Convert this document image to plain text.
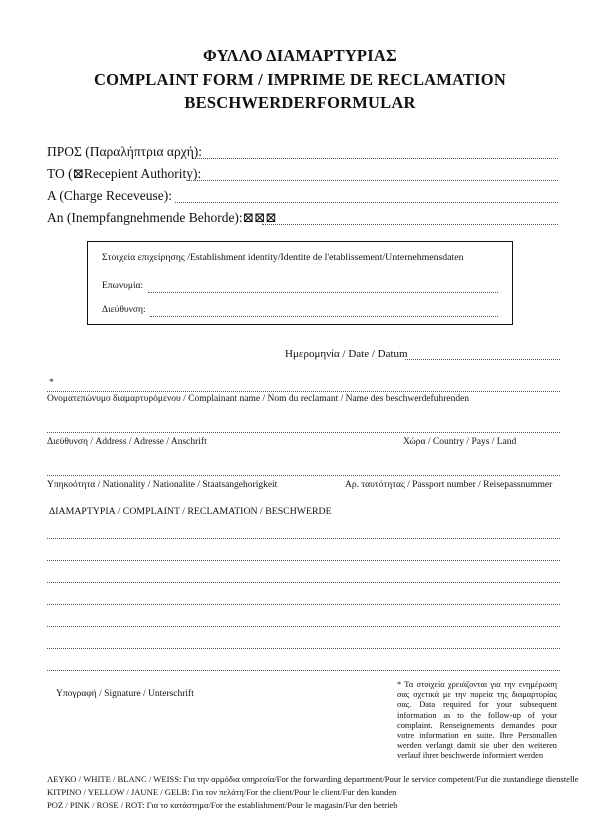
ΦΥΛΛΟ ΔΙΑΜΑΡΤΥΡΙΑΣ
COMPLAINT FORM / IMPRIME DE RECLAMATION
BESCHWERDERFORMULAR
ΠΡΟΣ (Παραλήπτρια αρχή):
TO (⊠Recepient Authority):
A (Charge Receveuse):
An (Inempfangnehmende Behorde):⊠⊠⊠
Στοιχεία επιχείρησης /Establishment identity/Identite de l'etablissement/Unternehmensdaten
Επωνυμία:
Διεύθυνση:
Ημερομηνία / Date / Datum
*
Ονοματεπώνυμο διαμαρτυρόμενου / Complainant name / Nom du reclamant / Name des beschwerdefuhrenden
Διεύθυνση / Address / Adresse / Anschrift	Χώρα / Country / Pays / Land
Υπηκοότητα / Nationality / Nationalite / Staatsangehorigkeit	Αρ. ταυτότητας / Passport number / Reisepassnummer
ΔΙΑΜΑΡΤΥΡΙΑ / COMPLAINT / RECLAMATION / BESCHWERDE
Υπογραφή / Signature / Unterschrift
* Τα στοιχεία χρειάζονται για την ενημέρωση σας σχετικά με την πορεία της διαμαρτυρίας σας. Data required for your subsequent information as to the follow-up of your complaint. Renseignements demandes pour votre information en suite. Ihre Personallen werden verlangt damit sie uber den weiteren verlauf ihrer beschwerde informiert werden
ΛΕΥΚΟ / WHITE / BLANC / WEISS: Για την αρμόδια υπηρεσία/For the forwarding department/Pour le service competent/Fur die zustandiege dienstelle
ΚΙΤΡΙΝΟ / YELLOW / JAUNE / GELB: Για τον πελάτη/For the client/Pour le client/Fur den kunden
ΡΟΖ / PINK / ROSE / ROT: Για το κατάστημα/For the establishment/Pour le magasin/Fur den betrieb
